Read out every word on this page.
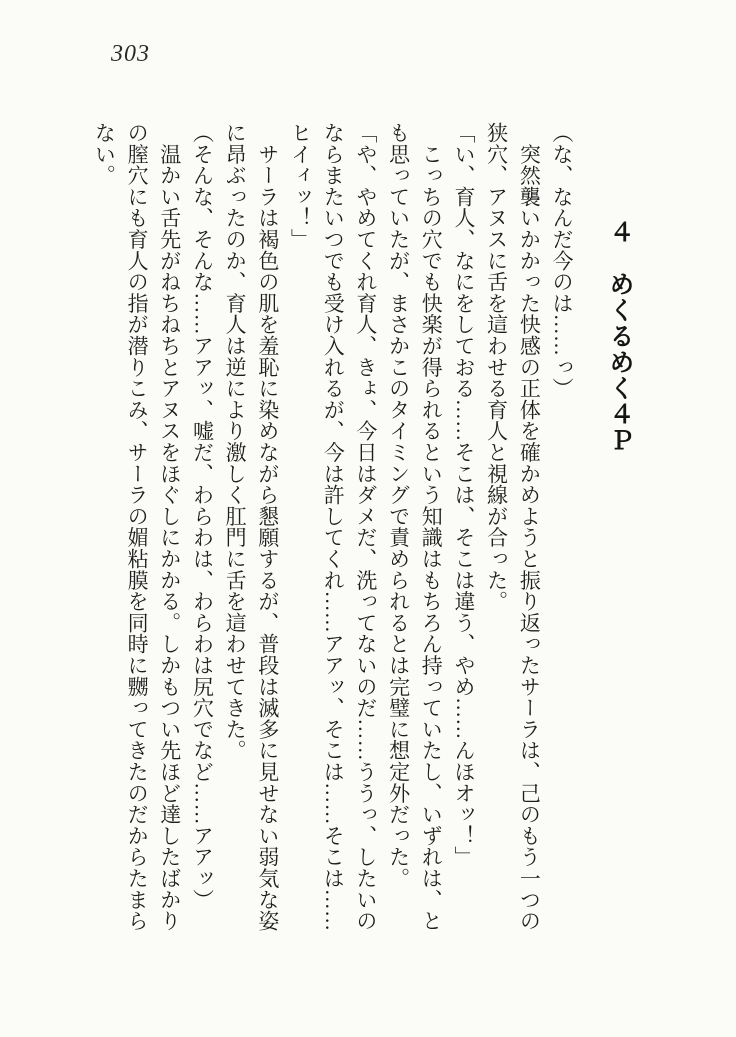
303
４　めくるめく４Ｐ
（な、なんだ今のは……っ）
　突然襲いかかった快感の正体を確かめようと振り返ったサーラは、己のもう一つの
狭穴、アヌスに舌を這わせる育人と視線が合った。
「い、育人、なにをしておる……そこは、そこは違う、やめ……んほオッ！」
　こっちの穴でも快楽が得られるという知識はもちろん持っていたし、いずれは、と
も思っていたが、まさかこのタイミングで責められるとは完璧に想定外だった。
「や、やめてくれ育人、きょ、今日はダメだ、洗ってないのだ……ううっ、したいの
ならまたいつでも受け入れるが、今は許してくれ……アアッ、そこは……そこは……
ヒイィッ！」
　サーラは褐色の肌を羞恥に染めながら懇願するが、普段は滅多に見せない弱気な姿
に昂ぶったのか、育人は逆により激しく肛門に舌を這わせてきた。
（そんな、そんな……アアッ、嘘だ、わらわは、わらわは尻穴でなど……アアッ）
　温かい舌先がねちねちとアヌスをほぐしにかかる。しかもつい先ほど達したばかり
の膣穴にも育人の指が潜りこみ、サーラの媚粘膜を同時に嬲ってきたのだからたまら
ない。
